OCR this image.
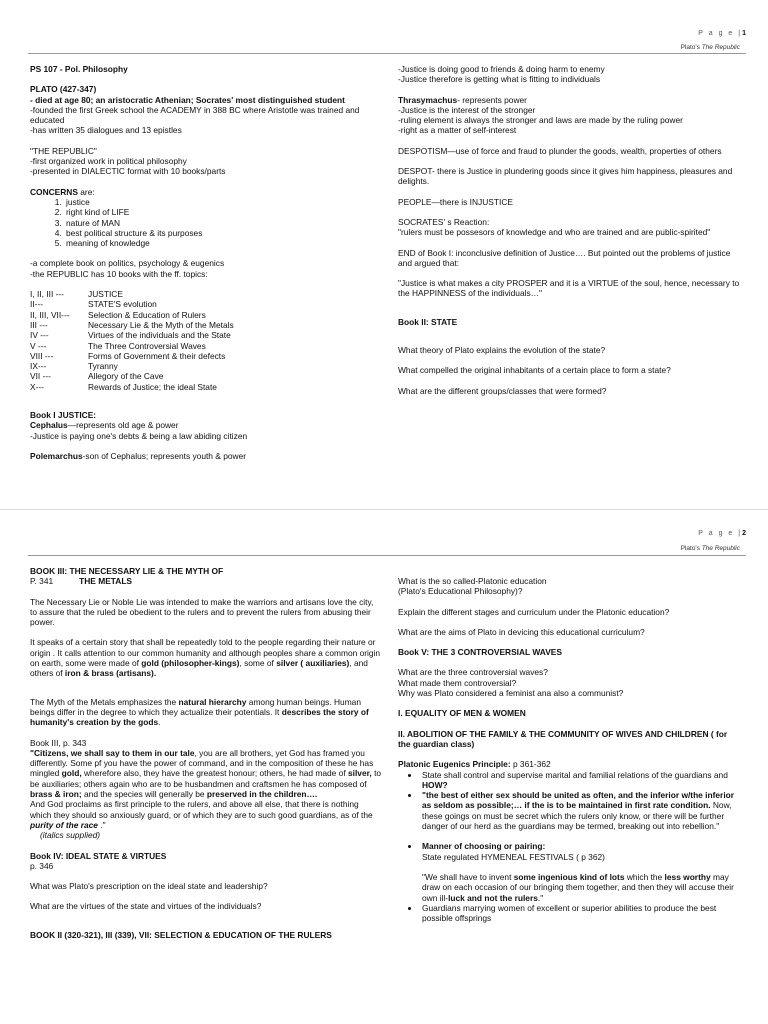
P a g e |1
Plato's The Republic

PS 107 - Pol. Philosophy

PLATO (427-347)

- died at age 80; an aristocratic Athenian; Socrates' most distinguished student

-founded the first Greek school the ACADEMY in 388 BC where Aristotle was trained and educated

-has written 35 dialogues and 13 epistles

"THE REPUBLIC"

-first organized work in political philosophy

-presented in DIALECTIC format with 10 books/parts

CONCERNS are:

1. justice
2. right kind of LIFE
3. nature of MAN
4. best political structure & its purposes
5. meaning of knowledge

-a complete book on politics, psychology & eugenics

-the REPUBLIC has 10 books with the ff. topics:

I, II, III ---	JUSTICE
II---	STATE'S evolution
II, III, VII---	Selection & Education of Rulers
III ---	Necessary Lie & the Myth of the Metals
IV ---	Virtues of the individuals and the State
V ---	The Three Controversial Waves
VIII ---	Forms of Government & their defects
IX---	Tyranny
VII ---	Allegory of the Cave
X---	Rewards of Justice; the ideal State

Book I JUSTICE:

Cephalus—represents old age & power

-Justice is paying one's debts & being a law abiding citizen

Polemarchus-son of Cephalus; represents youth & power

-Justice is doing good to friends & doing harm to enemy

-Justice therefore is getting what is fitting to individuals

Thrasymachus- represents power

-Justice is the interest of the stronger

-ruling element is always the stronger and laws are made by the ruling power

-right as a matter of self-interest

DESPOTISM—use of force and fraud to plunder the goods, wealth, properties of others

DESPOT- there is Justice in plundering goods since it gives him happiness, pleasures and delights.

PEOPLE—there is INJUSTICE

SOCRATES' s Reaction:

"rulers must be possesors of knowledge and who are trained and are public-spirited"

END of Book I: inconclusive definition of Justice…. But pointed out the problems of justice and argued that:

"Justice is what makes a city PROSPER and it is a VIRTUE of the soul, hence, necessary to the HAPPINNESS of the individuals…"

Book II: STATE

What theory of Plato explains the evolution of the state?

What compelled the original inhabitants of a certain place to form a state?

What are the different groups/classes that were formed?

P a g e |2
Plato's The Republic

BOOK III: THE NECESSARY LIE & THE MYTH OF

P. 341	THE METALS

The Necessary Lie or Noble Lie was intended to make the warriors and artisans love the city, to assure that the ruled be obedient to the rulers and to prevent the rulers from abusing their power.

It speaks of a certain story that shall be repeatedly told to the people regarding their nature or origin . It calls attention to our common humanity and although peoples share a common origin on earth, some were made of gold (philosopher-kings), some of silver ( auxiliaries), and others of iron & brass (artisans).

The Myth of the Metals emphasizes the natural hierarchy among human beings. Human beings differ in the degree to which they actualize their potentials. It describes the story of humanity's creation by the gods.

Book III, p. 343

"Citizens, we shall say to them in our tale, you are all brothers, yet God has framed you differently. Some pf you have the power of command, and in the composition of these he has mingled gold, wherefore also, they have the greatest honour; others, he had made of silver, to be auxiliaries; others again who are to be husbandmen and craftsmen he has composed of brass & iron; and the species will generally be preserved in the children….

And God proclaims as first principle to the rulers, and above all else, that there is nothing which they should so anxiously guard, or of which they are to such good guardians, as of the purity of the race ."

(italics supplied)

Book IV: IDEAL STATE & VIRTUES

p. 346

What was Plato's prescription on the ideal state and leadership?

What are the virtues of the state and virtues of the individuals?

BOOK II (320-321), III (339), VII: SELECTION & EDUCATION OF THE RULERS

What is the so called-Platonic education

(Plato's Educational Philosophy)?

Explain the different stages and curriculum under the Platonic education?

What are the aims of Plato in devicing this educational curriculum?

Book V: THE 3 CONTROVERSIAL WAVES

What are the three controversial waves?

What made them controversial?

Why was Plato considered a feminist ana also a communist?

I. EQUALITY OF MEN & WOMEN

II. ABOLITION OF THE FAMILY & THE COMMUNITY OF WIVES AND CHILDREN ( for the guardian class)

Platonic Eugenics Principle: p 361-362

• State shall control and supervise marital and familial relations of the guardians and HOW?
• "the best of either sex should be united as often, and the inferior w/the inferior as seldom as possible;… if the is to be maintained in first rate condition. Now, these goings on must be secret which the rulers only know, or there will be further danger of our herd as the guardians may be termed, breaking out into rebellion."
• Manner of choosing or pairing:
State regulated HYMENEAL FESTIVALS ( p 362)
"We shall have to invent some ingenious kind of lots which the less worthy may draw on each occasion of our bringing them together, and then they will accuse their own ill-luck and not the rulers."
• Guardians marrying women of excellent or superior abilities to produce the best possible offsprings
